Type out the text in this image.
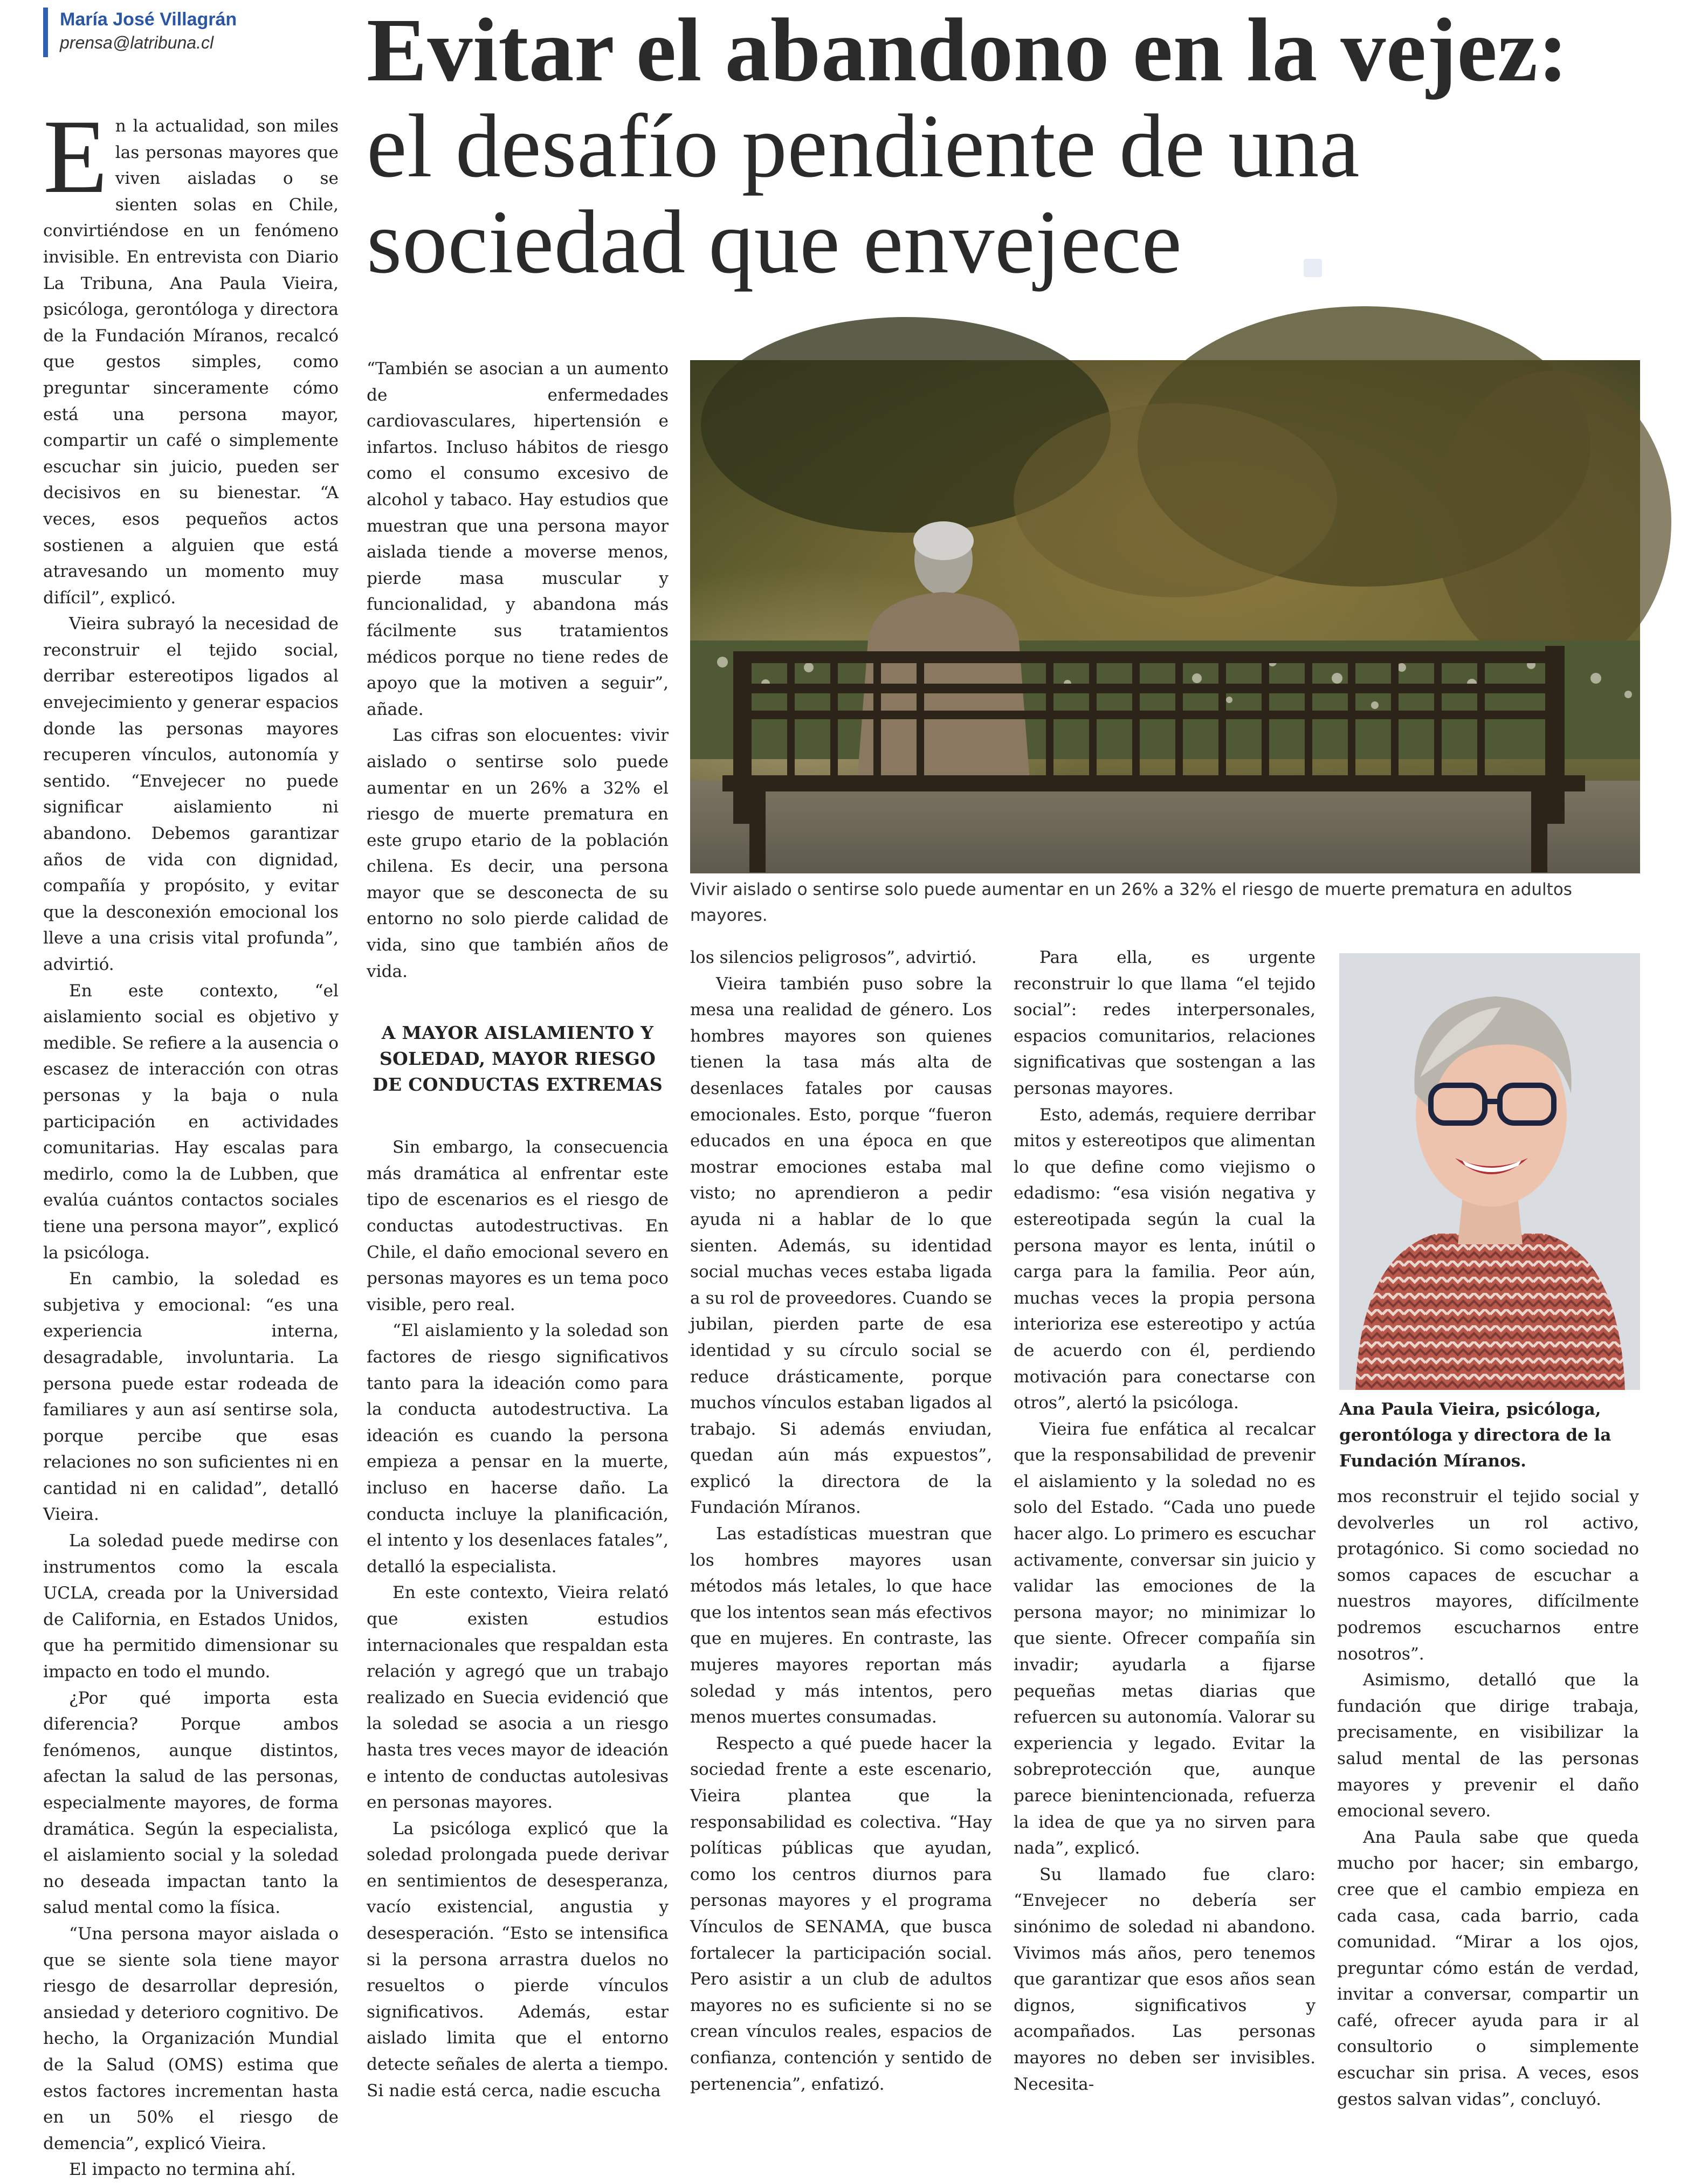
María José Villagrán
prensa@latribuna.cl	Evitar el abandono en la vejez:
el desafío pendiente de una
sociedad que envejece

En la actualidad, son miles las personas mayores que viven aisladas o se sienten solas en Chile, convirtiéndose en un fenómeno invisible. En entrevista con Diario La Tribuna, Ana Paula Vieira, psicóloga, gerontóloga y directora de la Fundación Míranos, recalcó que gestos simples, como preguntar sinceramente cómo está una persona mayor, compartir un café o simplemente escuchar sin juicio, pueden ser decisivos en su bienestar. “A veces, esos pequeños actos sostienen a alguien que está atravesando un momento muy difícil”, explicó.

Vieira subrayó la necesidad de reconstruir el tejido social, derribar estereotipos ligados al envejecimiento y generar espacios donde las personas mayores recuperen vínculos, autonomía y sentido. “Envejecer no puede significar aislamiento ni abandono. Debemos garantizar años de vida con dignidad, compañía y propósito, y evitar que la desconexión emocional los lleve a una crisis vital profunda”, advirtió.

En este contexto, “el aislamiento social es objetivo y medible. Se refiere a la ausencia o escasez de interacción con otras personas y la baja o nula participación en actividades comunitarias. Hay escalas para medirlo, como la de Lubben, que evalúa cuántos contactos sociales tiene una persona mayor”, explicó la psicóloga.

En cambio, la soledad es subjetiva y emocional: “es una experiencia interna, desagradable, involuntaria. La persona puede estar rodeada de familiares y aun así sentirse sola, porque percibe que esas relaciones no son suficientes ni en cantidad ni en calidad”, detalló Vieira.

La soledad puede medirse con instrumentos como la escala UCLA, creada por la Universidad de California, en Estados Unidos, que ha permitido dimensionar su impacto en todo el mundo.

¿Por qué importa esta diferencia? Porque ambos fenómenos, aunque distintos, afectan la salud de las personas, especialmente mayores, de forma dramática. Según la especialista, el aislamiento social y la soledad no deseada impactan tanto la salud mental como la física.

“Una persona mayor aislada o que se siente sola tiene mayor riesgo de desarrollar depresión, ansiedad y deterioro cognitivo. De hecho, la Organización Mundial de la Salud (OMS) estima que estos factores incrementan hasta en un 50% el riesgo de demencia”, explicó Vieira.

El impacto no termina ahí.

“También se asocian a un aumento de enfermedades cardiovasculares, hipertensión e infartos. Incluso hábitos de riesgo como el consumo excesivo de alcohol y tabaco. Hay estudios que muestran que una persona mayor aislada tiende a moverse menos, pierde masa muscular y funcionalidad, y abandona más fácilmente sus tratamientos médicos porque no tiene redes de apoyo que la motiven a seguir”, añade.

Las cifras son elocuentes: vivir aislado o sentirse solo puede aumentar en un 26% a 32% el riesgo de muerte prematura en este grupo etario de la población chilena. Es decir, una persona mayor que se desconecta de su entorno no solo pierde calidad de vida, sino que también años de vida.

A MAYOR AISLAMIENTO Y SOLEDAD, MAYOR RIESGO DE CONDUCTAS EXTREMAS

Sin embargo, la consecuencia más dramática al enfrentar este tipo de escenarios es el riesgo de conductas autodestructivas. En Chile, el daño emocional severo en personas mayores es un tema poco visible, pero real.

“El aislamiento y la soledad son factores de riesgo significativos tanto para la ideación como para la conducta autodestructiva. La ideación es cuando la persona empieza a pensar en la muerte, incluso en hacerse daño. La conducta incluye la planificación, el intento y los desenlaces fatales”, detalló la especialista.

En este contexto, Vieira relató que existen estudios internacionales que respaldan esta relación y agregó que un trabajo realizado en Suecia evidenció que la soledad se asocia a un riesgo hasta tres veces mayor de ideación e intento de conductas autolesivas en personas mayores.

La psicóloga explicó que la soledad prolongada puede derivar en sentimientos de desesperanza, vacío existencial, angustia y desesperación. “Esto se intensifica si la persona arrastra duelos no resueltos o pierde vínculos significativos. Además, estar aislado limita que el entorno detecte señales de alerta a tiempo. Si nadie está cerca, nadie escucha

Vivir aislado o sentirse solo puede aumentar en un 26% a 32% el riesgo de muerte prematura en adultos mayores.

los silencios peligrosos”, advirtió.

Vieira también puso sobre la mesa una realidad de género. Los hombres mayores son quienes tienen la tasa más alta de desenlaces fatales por causas emocionales. Esto, porque “fueron educados en una época en que mostrar emociones estaba mal visto; no aprendieron a pedir ayuda ni a hablar de lo que sienten. Además, su identidad social muchas veces estaba ligada a su rol de proveedores. Cuando se jubilan, pierden parte de esa identidad y su círculo social se reduce drásticamente, porque muchos vínculos estaban ligados al trabajo. Si además enviudan, quedan aún más expuestos”, explicó la directora de la Fundación Míranos.

Las estadísticas muestran que los hombres mayores usan métodos más letales, lo que hace que los intentos sean más efectivos que en mujeres. En contraste, las mujeres mayores reportan más soledad y más intentos, pero menos muertes consumadas.

Respecto a qué puede hacer la sociedad frente a este escenario, Vieira plantea que la responsabilidad es colectiva. “Hay políticas públicas que ayudan, como los centros diurnos para personas mayores y el programa Vínculos de SENAMA, que busca fortalecer la participación social. Pero asistir a un club de adultos mayores no es suficiente si no se crean vínculos reales, espacios de confianza, contención y sentido de pertenencia”, enfatizó.

Para ella, es urgente reconstruir lo que llama “el tejido social”: redes interpersonales, espacios comunitarios, relaciones significativas que sostengan a las personas mayores.

Esto, además, requiere derribar mitos y estereotipos que alimentan lo que define como viejismo o edadismo: “esa visión negativa y estereotipada según la cual la persona mayor es lenta, inútil o carga para la familia. Peor aún, muchas veces la propia persona interioriza ese estereotipo y actúa de acuerdo con él, perdiendo motivación para conectarse con otros”, alertó la psicóloga.

Vieira fue enfática al recalcar que la responsabilidad de prevenir el aislamiento y la soledad no es solo del Estado. “Cada uno puede hacer algo. Lo primero es escuchar activamente, conversar sin juicio y validar las emociones de la persona mayor; no minimizar lo que siente. Ofrecer compañía sin invadir; ayudarla a fijarse pequeñas metas diarias que refuercen su autonomía. Valorar su experiencia y legado. Evitar la sobreprotección que, aunque parece bienintencionada, refuerza la idea de que ya no sirven para nada”, explicó.

Su llamado fue claro: “Envejecer no debería ser sinónimo de soledad ni abandono. Vivimos más años, pero tenemos que garantizar que esos años sean dignos, significativos y acompañados. Las personas mayores no deben ser invisibles. Necesita-

Ana Paula Vieira, psicóloga, gerontóloga y directora de la Fundación Míranos.

mos reconstruir el tejido social y devolverles un rol activo, protagónico. Si como sociedad no somos capaces de escuchar a nuestros mayores, difícilmente podremos escucharnos entre nosotros”.

Asimismo, detalló que la fundación que dirige trabaja, precisamente, en visibilizar la salud mental de las personas mayores y prevenir el daño emocional severo.

Ana Paula sabe que queda mucho por hacer; sin embargo, cree que el cambio empieza en cada casa, cada barrio, cada comunidad. “Mirar a los ojos, preguntar cómo están de verdad, invitar a conversar, compartir un café, ofrecer ayuda para ir al consultorio o simplemente escuchar sin prisa. A veces, esos gestos salvan vidas”, concluyó.
